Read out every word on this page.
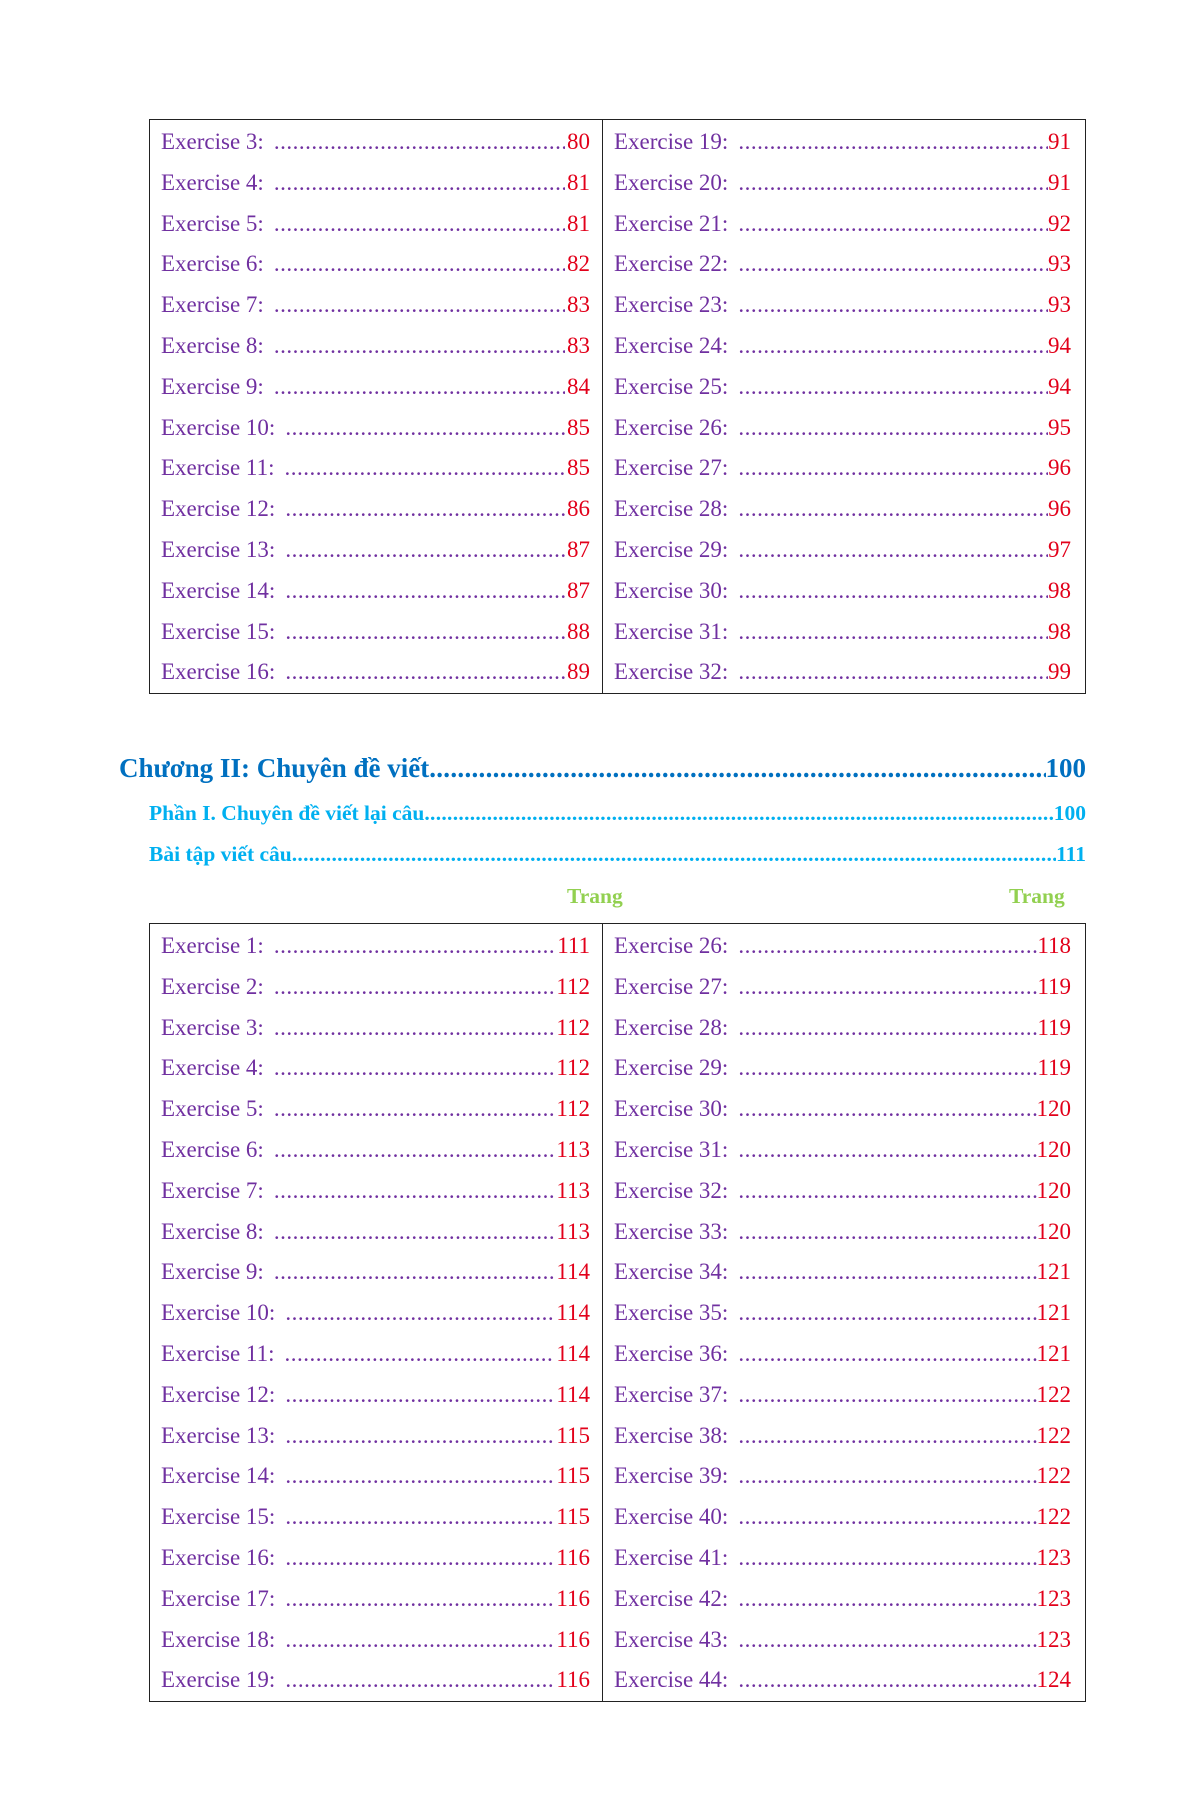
Exercise 3: .....	80
Exercise 4: .....	81
Exercise 5: .....	81
Exercise 6: .....	82
Exercise 7: .....	83
Exercise 8: .....	83
Exercise 9: .....	84
Exercise 10: .....	85
Exercise 11: .....	85
Exercise 12: .....	86
Exercise 13: .....	87
Exercise 14: .....	87
Exercise 15: .....	88
Exercise 16: .....	89
Exercise 19: .....	91
Exercise 20: .....	91
Exercise 21: .....	92
Exercise 22: .....	93
Exercise 23: .....	93
Exercise 24: .....	94
Exercise 25: .....	94
Exercise 26: .....	95
Exercise 27: .....	96
Exercise 28: .....	96
Exercise 29: .....	97
Exercise 30: .....	98
Exercise 31: .....	98
Exercise 32: .....	99
Chương II: Chuyên đề viết .....	100
Phần I. Chuyên đề viết lại câu .....	100
Bài tập viết câu .....	111
Trang	Trang
Exercise 1: .....	111
Exercise 2: .....	112
Exercise 3: .....	112
Exercise 4: .....	112
Exercise 5: .....	112
Exercise 6: .....	113
Exercise 7: .....	113
Exercise 8: .....	113
Exercise 9: .....	114
Exercise 10: .....	114
Exercise 11: .....	114
Exercise 12: .....	114
Exercise 13: .....	115
Exercise 14: .....	115
Exercise 15: .....	115
Exercise 16: .....	116
Exercise 17: .....	116
Exercise 18: .....	116
Exercise 19: .....	116
Exercise 26: .....	118
Exercise 27: .....	119
Exercise 28: .....	119
Exercise 29: .....	119
Exercise 30: .....	120
Exercise 31: .....	120
Exercise 32: .....	120
Exercise 33: .....	120
Exercise 34: .....	121
Exercise 35: .....	121
Exercise 36: .....	121
Exercise 37: .....	122
Exercise 38: .....	122
Exercise 39: .....	122
Exercise 40: .....	122
Exercise 41: .....	123
Exercise 42: .....	123
Exercise 43: .....	123
Exercise 44: .....	124
